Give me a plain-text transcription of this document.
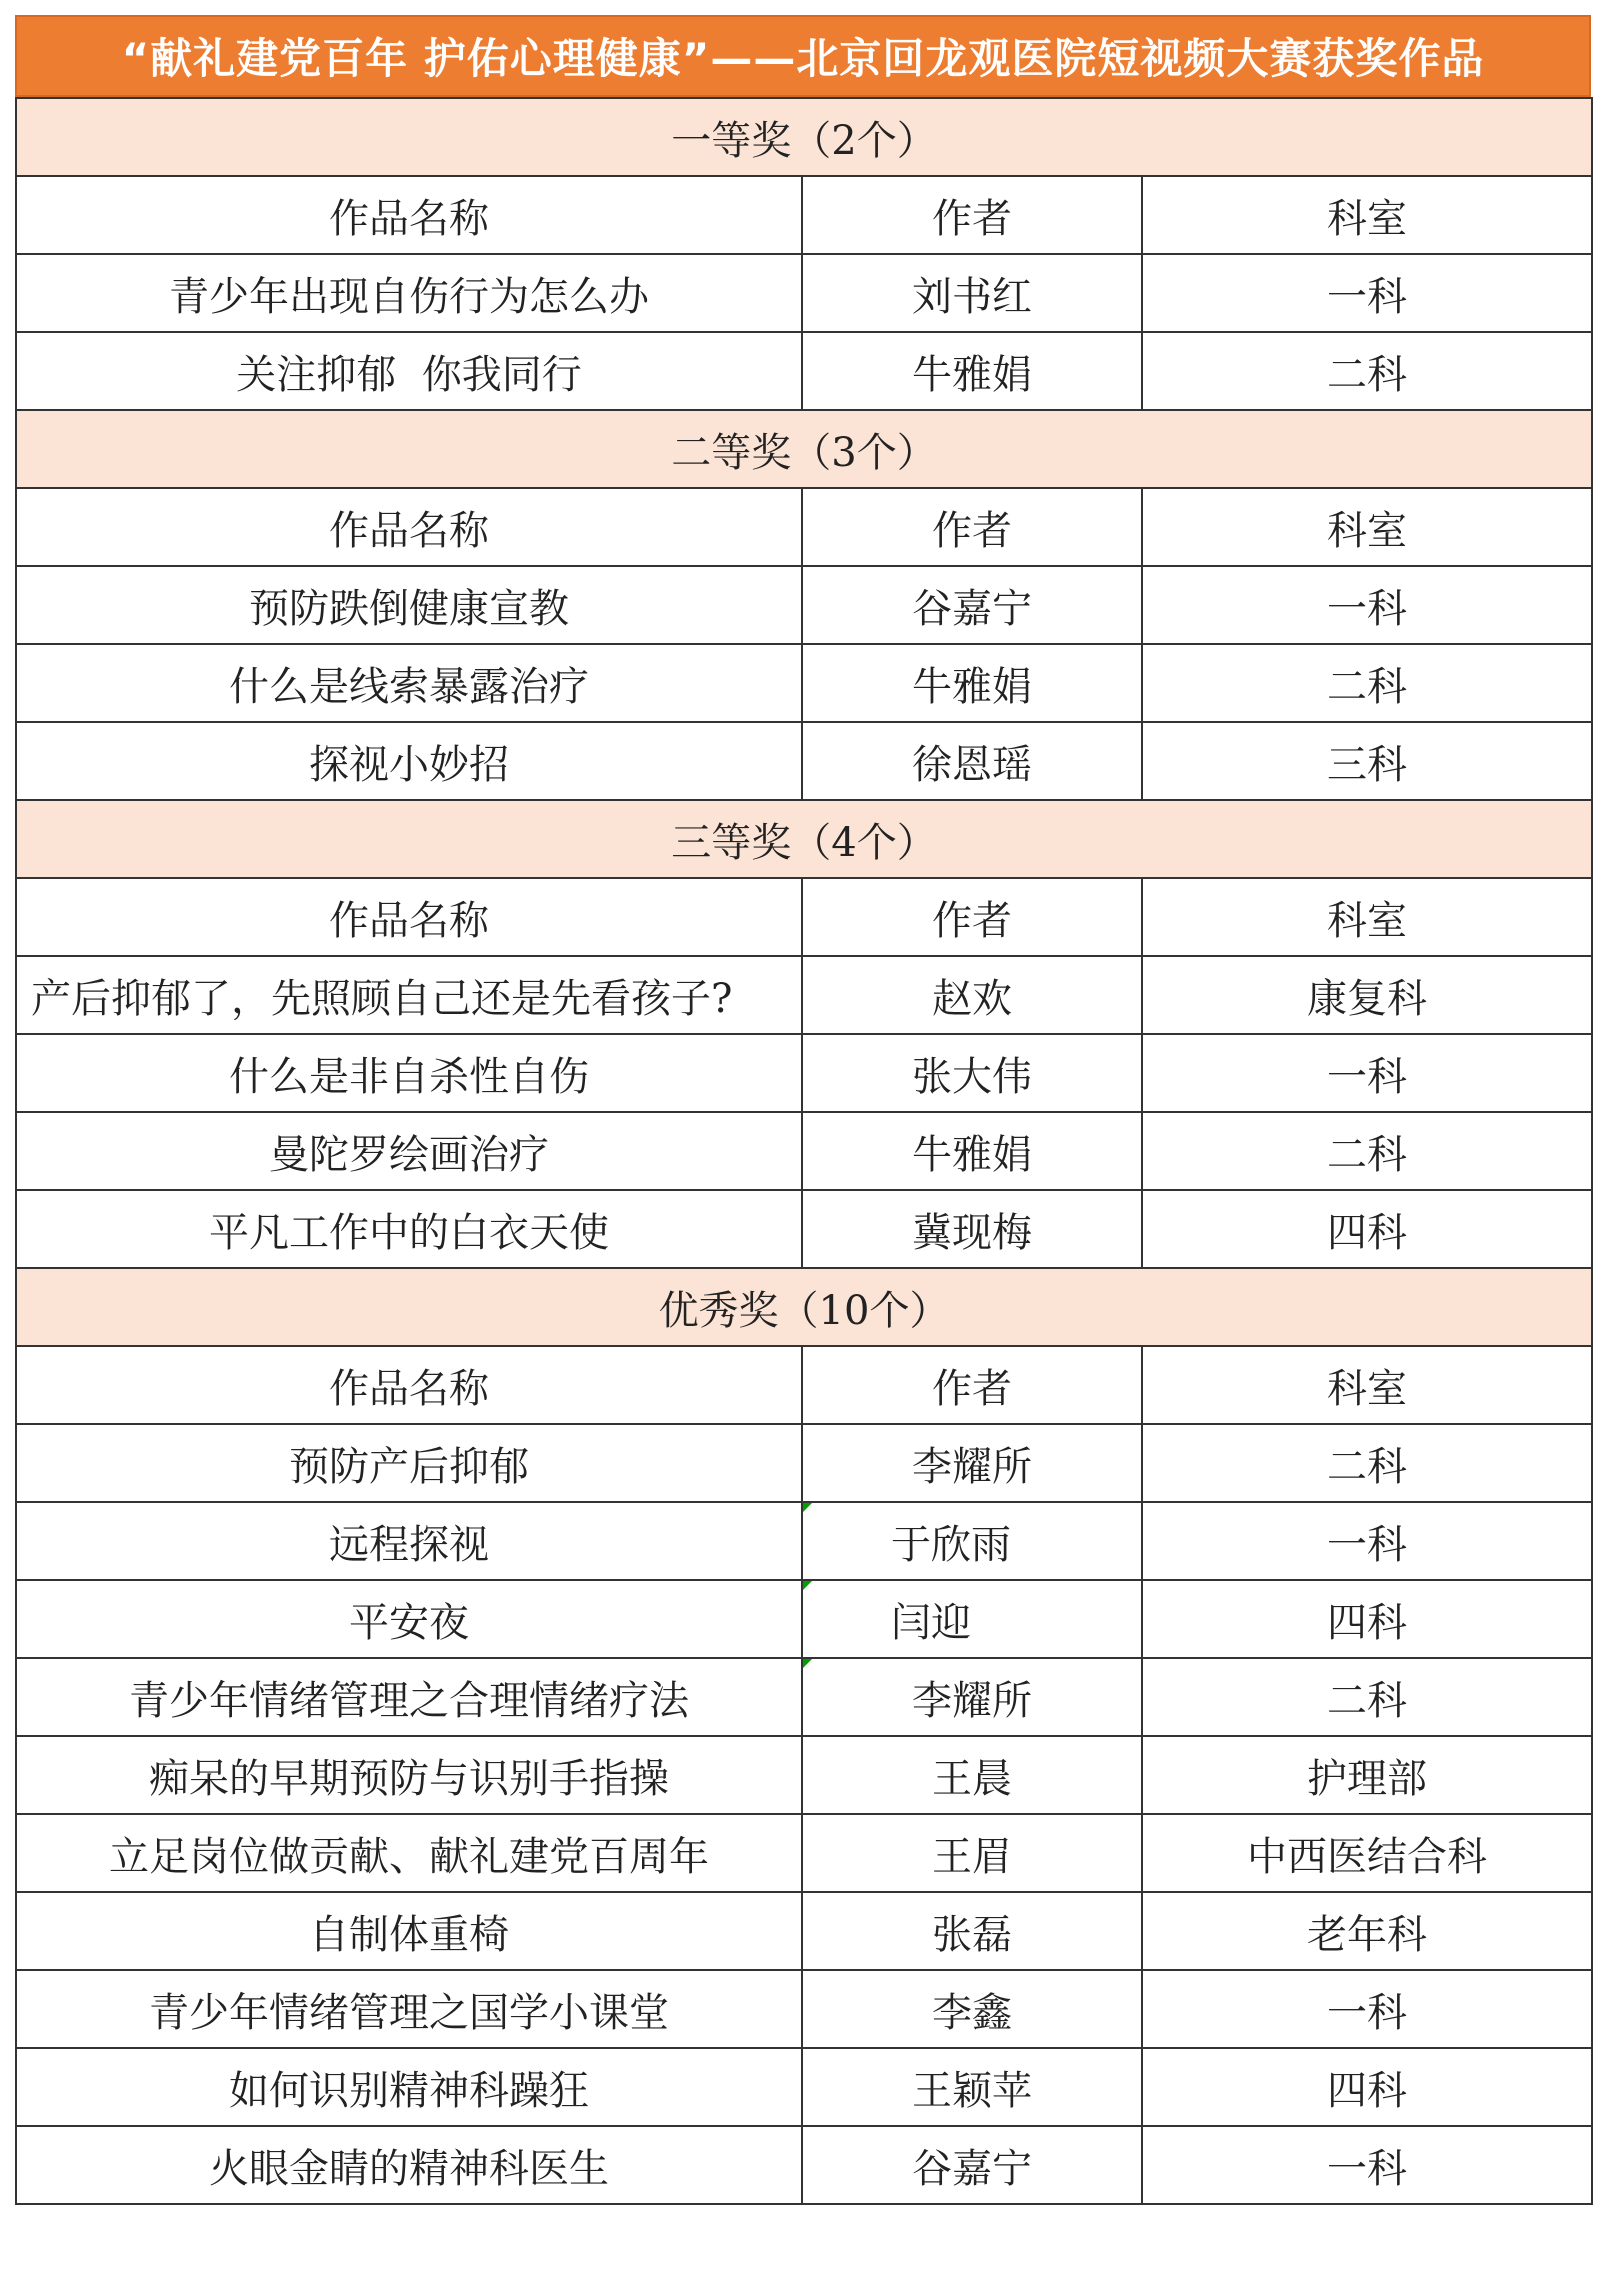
“献礼建党百年 护佑心理健康”——北京回龙观医院短视频大赛获奖作品
一等奖（2个）		
作品名称	作者	科室
青少年出现自伤行为怎么办	刘书红	一科
关注抑郁  你我同行	牛雅娟	二科
二等奖（3个）		
作品名称	作者	科室
预防跌倒健康宣教	谷嘉宁	一科
什么是线索暴露治疗	牛雅娟	二科
探视小妙招	徐恩瑶	三科
三等奖（4个）		
作品名称	作者	科室
产后抑郁了，先照顾自己还是先看孩子?	赵欢	康复科
什么是非自杀性自伤	张大伟	一科
曼陀罗绘画治疗	牛雅娟	二科
平凡工作中的白衣天使	冀现梅	四科
优秀奖（10个）		
作品名称	作者	科室
预防产后抑郁	李耀所	二科
远程探视	于欣雨	一科
平安夜	闫迎	四科
青少年情绪管理之合理情绪疗法	李耀所	二科
痴呆的早期预防与识别手指操	王晨	护理部
立足岗位做贡献、献礼建党百周年	王眉	中西医结合科
自制体重椅	张磊	老年科
青少年情绪管理之国学小课堂	李鑫	一科
如何识别精神科躁狂	王颖苹	四科
火眼金睛的精神科医生	谷嘉宁	一科
